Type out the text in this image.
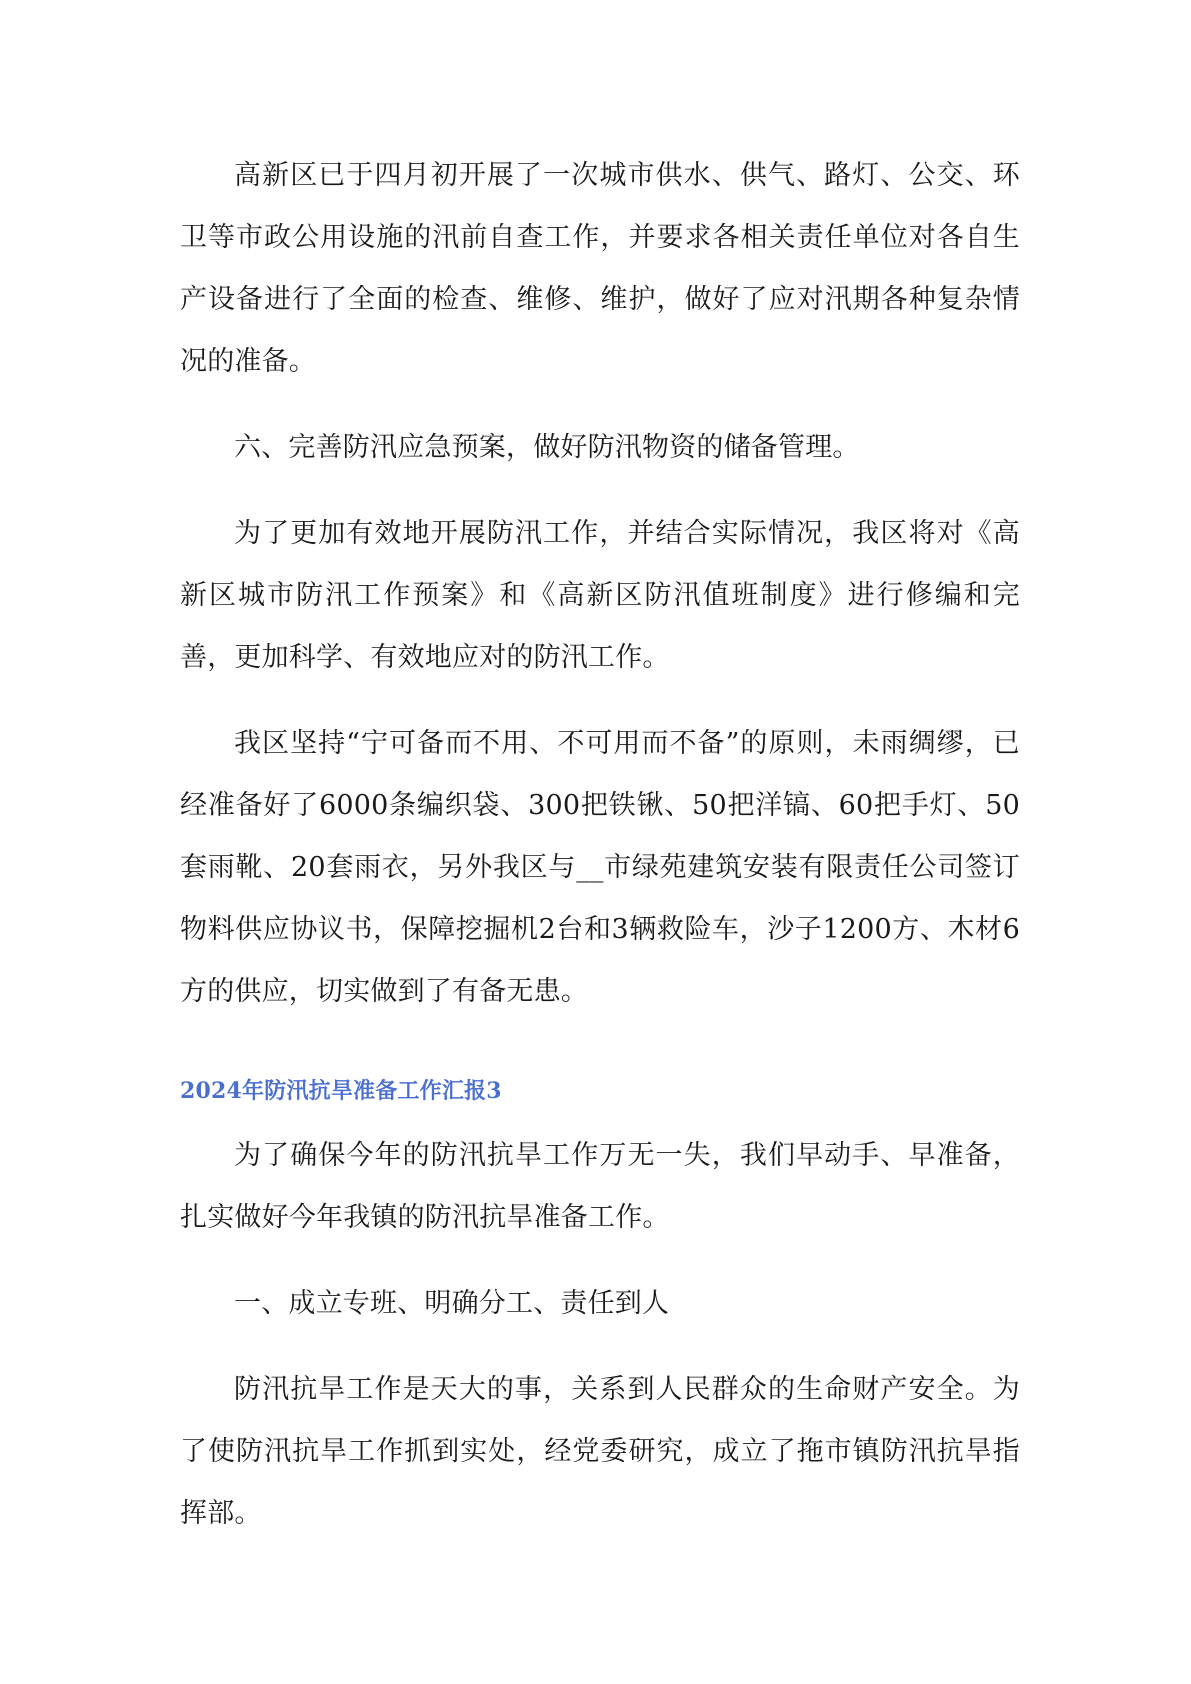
高新区已于四月初开展了一次城市供水、供气、路灯、公交、环卫等市政公用设施的汛前自查工作，并要求各相关责任单位对各自生产设备进行了全面的检查、维修、维护，做好了应对汛期各种复杂情况的准备。

六、完善防汛应急预案，做好防汛物资的储备管理。

为了更加有效地开展防汛工作，并结合实际情况，我区将对《高新区城市防汛工作预案》和《高新区防汛值班制度》进行修编和完善，更加科学、有效地应对的防汛工作。

我区坚持“宁可备而不用、不可用而不备”的原则，未雨绸缪，已经准备好了6000条编织袋、300把铁锹、50把洋镐、60把手灯、50套雨靴、20套雨衣，另外我区与__市绿苑建筑安装有限责任公司签订物料供应协议书，保障挖掘机2台和3辆救险车，沙子1200方、木材6方的供应，切实做到了有备无患。

2024年防汛抗旱准备工作汇报3

为了确保今年的防汛抗旱工作万无一失，我们早动手、早准备，扎实做好今年我镇的防汛抗旱准备工作。

一、成立专班、明确分工、责任到人

防汛抗旱工作是天大的事，关系到人民群众的生命财产安全。为了使防汛抗旱工作抓到实处，经党委研究，成立了拖市镇防汛抗旱指挥部。
